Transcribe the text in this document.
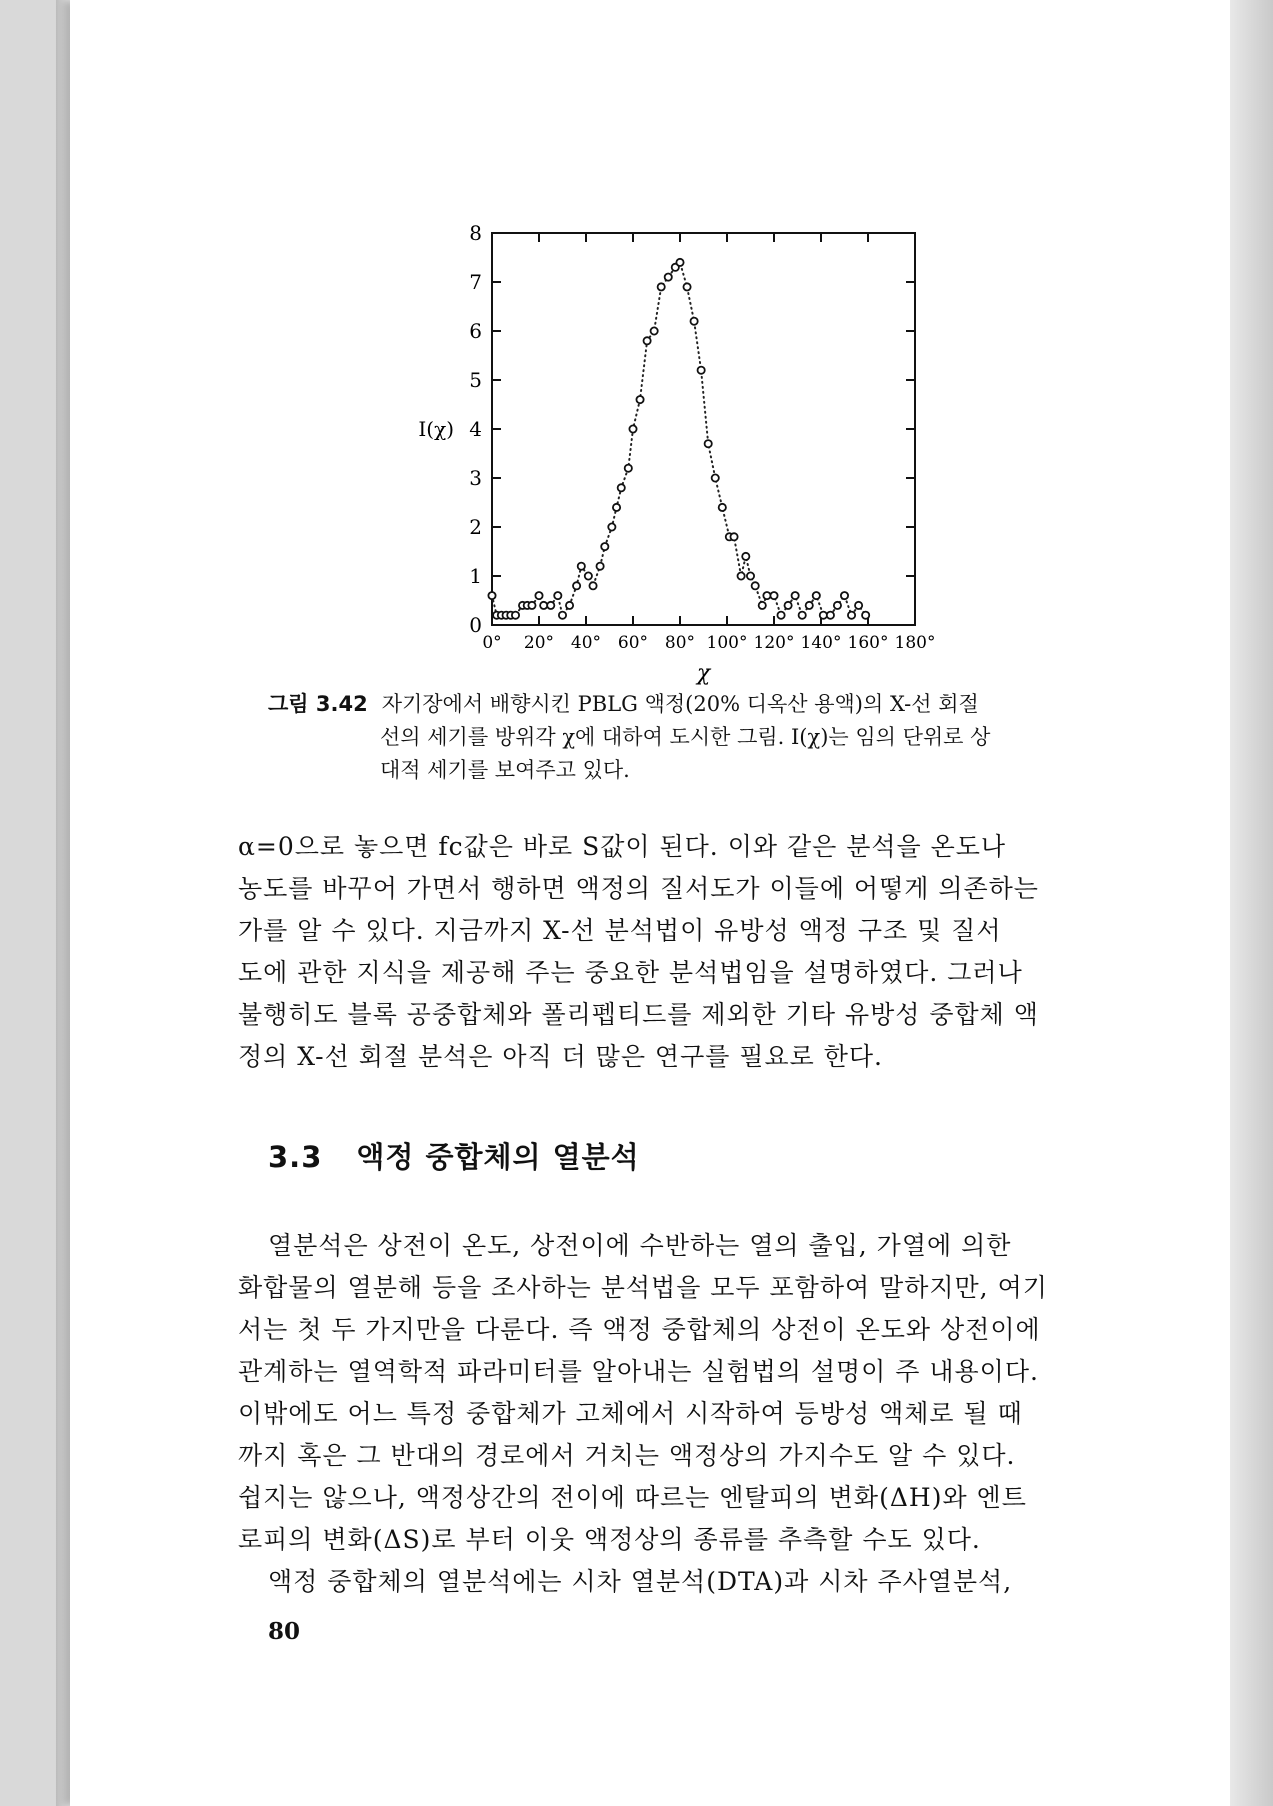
0
1
2
3
4
5
6
7
8
0° 20° 40° 60° 80° 100° 120° 140° 160° 180°
χ
I(χ)
그림 3.42 자기장에서 배향시킨 PBLG 액정(20% 디옥산 용액)의 X-선 회절
선의 세기를 방위각 χ에 대하여 도시한 그림. I(χ)는 임의 단위로 상
대적 세기를 보여주고 있다.
α=0으로 놓으면 fc값은 바로 S값이 된다. 이와 같은 분석을 온도나
농도를 바꾸어 가면서 행하면 액정의 질서도가 이들에 어떻게 의존하는
가를 알 수 있다. 지금까지 X-선 분석법이 유방성 액정 구조 및 질서
도에 관한 지식을 제공해 주는 중요한 분석법임을 설명하였다. 그러나
불행히도 블록 공중합체와 폴리펩티드를 제외한 기타 유방성 중합체 액
정의 X-선 회절 분석은 아직 더 많은 연구를 필요로 한다.
3.3 액정 중합체의 열분석
열분석은 상전이 온도, 상전이에 수반하는 열의 출입, 가열에 의한
화합물의 열분해 등을 조사하는 분석법을 모두 포함하여 말하지만, 여기
서는 첫 두 가지만을 다룬다. 즉 액정 중합체의 상전이 온도와 상전이에
관계하는 열역학적 파라미터를 알아내는 실험법의 설명이 주 내용이다.
이밖에도 어느 특정 중합체가 고체에서 시작하여 등방성 액체로 될 때
까지 혹은 그 반대의 경로에서 거치는 액정상의 가지수도 알 수 있다.
쉽지는 않으나, 액정상간의 전이에 따르는 엔탈피의 변화(ΔH)와 엔트
로피의 변화(ΔS)로 부터 이웃 액정상의 종류를 추측할 수도 있다.
액정 중합체의 열분석에는 시차 열분석(DTA)과 시차 주사열분석,
80
